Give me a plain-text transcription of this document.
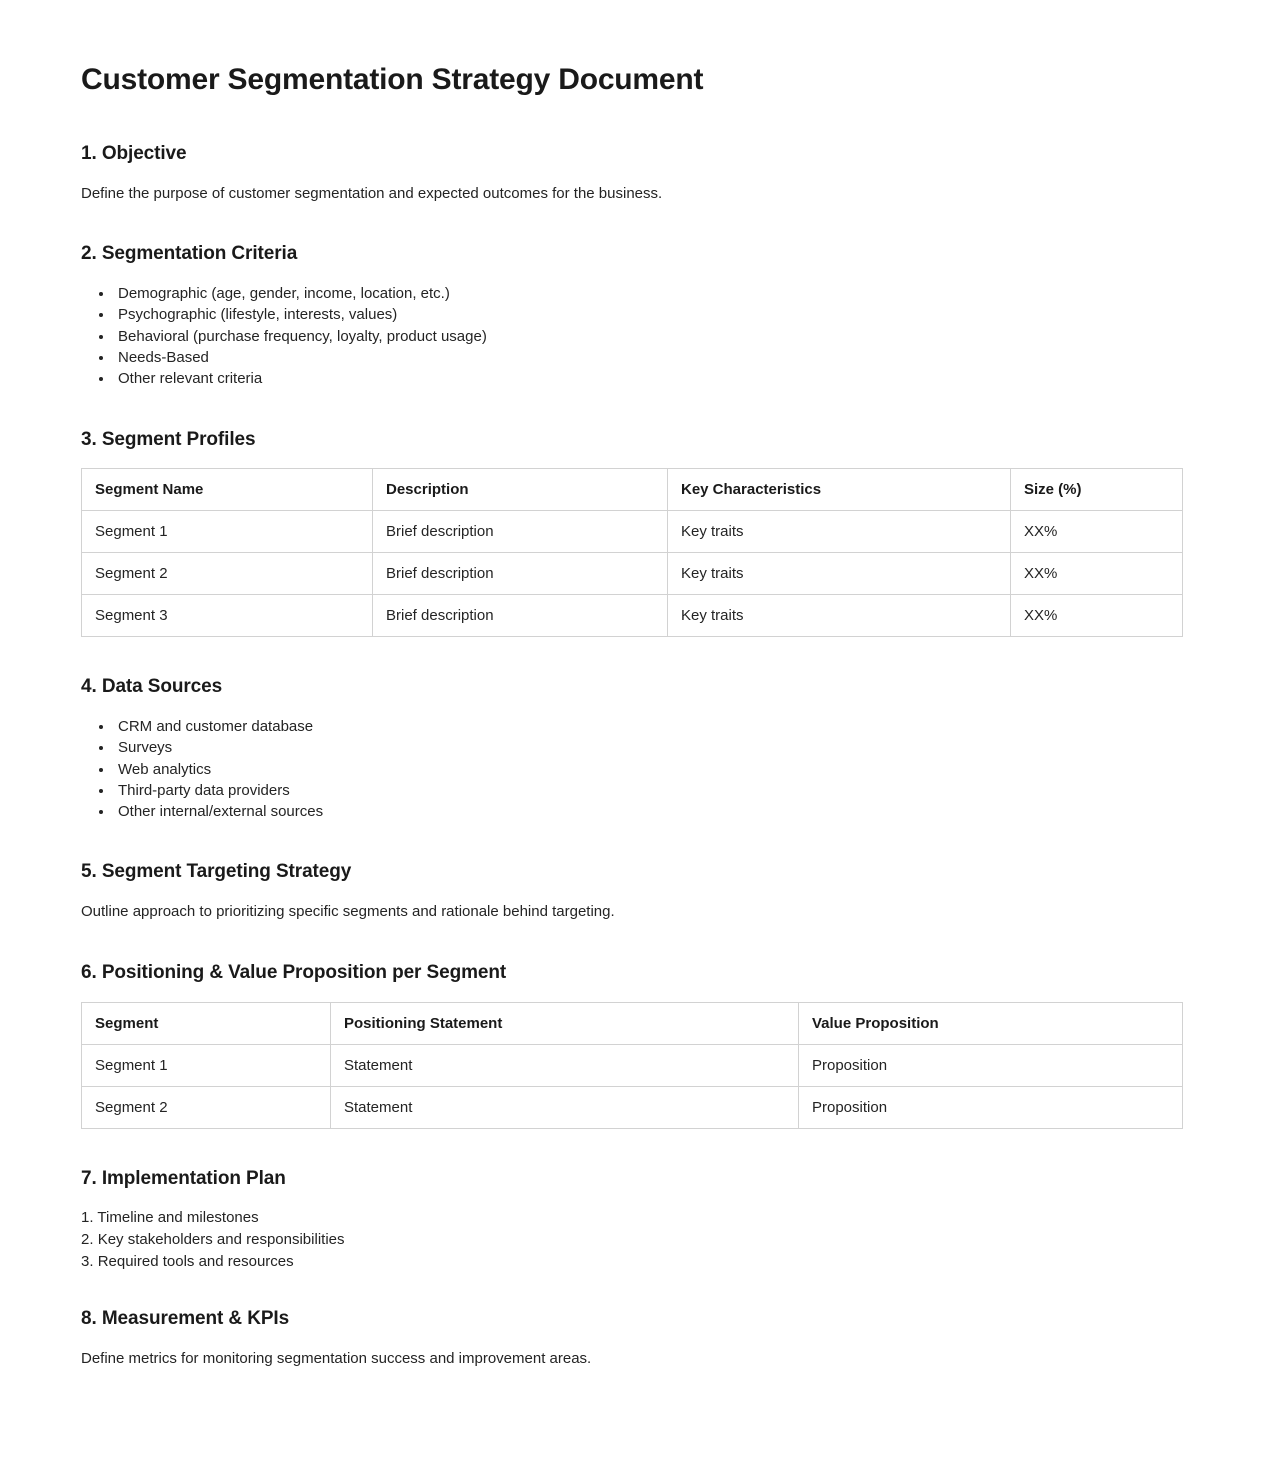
Customer Segmentation Strategy Document
1. Objective

Define the purpose of customer segmentation and expected outcomes for the business.

2. Segmentation Criteria
• Demographic (age, gender, income, location, etc.)
• Psychographic (lifestyle, interests, values)
• Behavioral (purchase frequency, loyalty, product usage)
• Needs-Based
• Other relevant criteria
3. Segment Profiles
Segment Name	Description	Key Characteristics	Size (%)
Segment 1	Brief description	Key traits	XX%
Segment 2	Brief description	Key traits	XX%
Segment 3	Brief description	Key traits	XX%
4. Data Sources
• CRM and customer database
• Surveys
• Web analytics
• Third-party data providers
• Other internal/external sources
5. Segment Targeting Strategy

Outline approach to prioritizing specific segments and rationale behind targeting.

6. Positioning & Value Proposition per Segment
Segment	Positioning Statement	Value Proposition
Segment 1	Statement	Proposition
Segment 2	Statement	Proposition
7. Implementation Plan
Timeline and milestones
Key stakeholders and responsibilities
Required tools and resources
8. Measurement & KPIs

Define metrics for monitoring segmentation success and improvement areas.
